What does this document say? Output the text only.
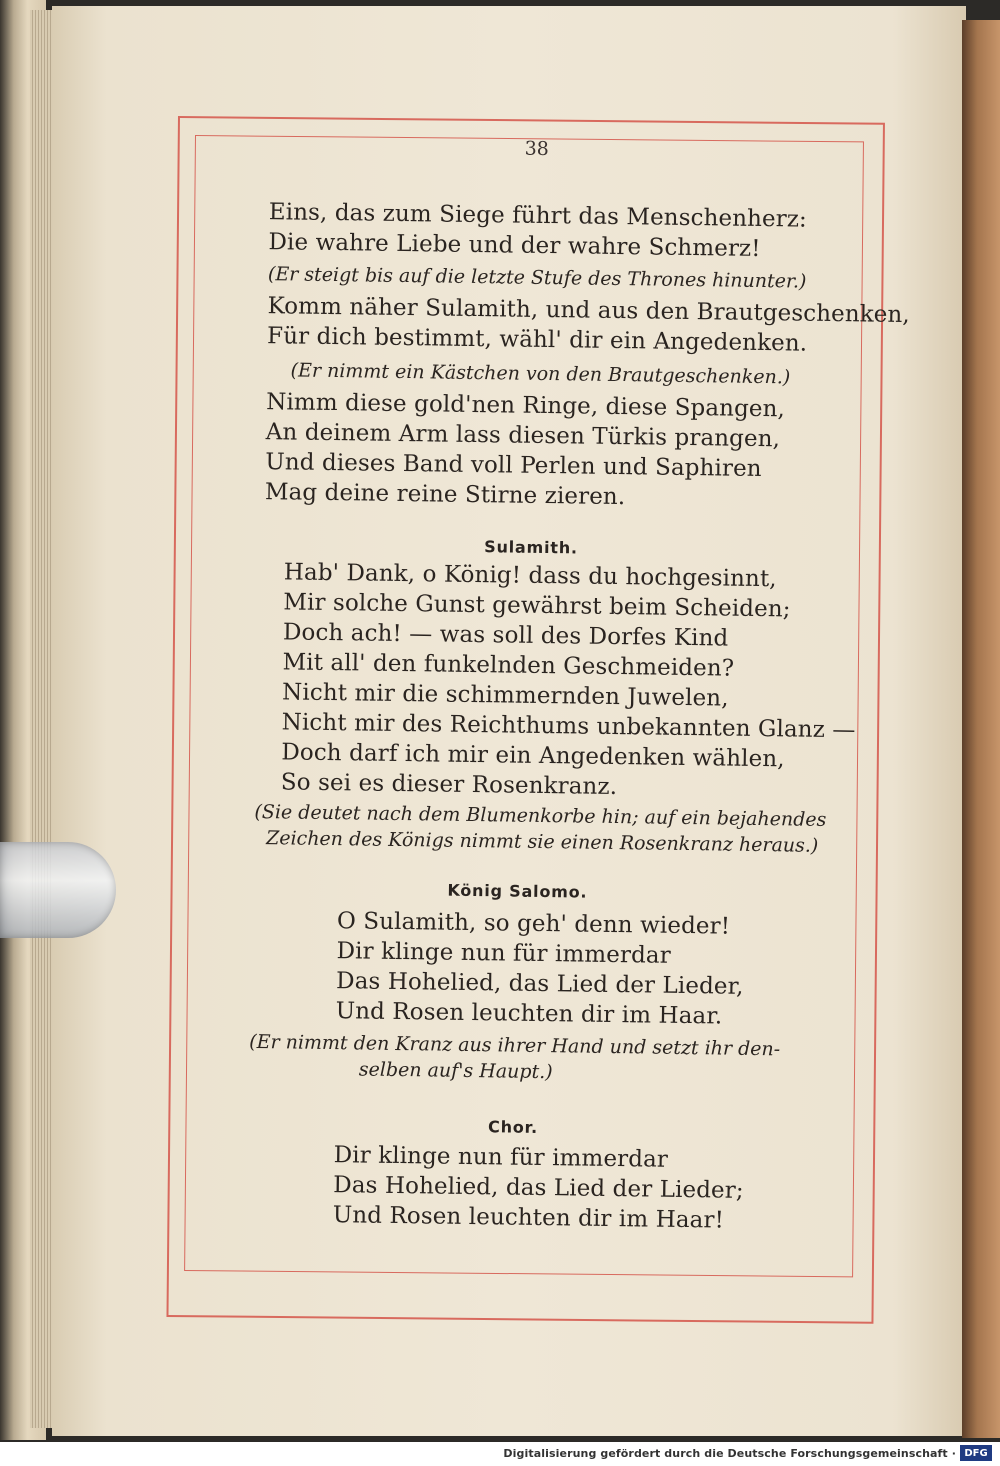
38
Eins, das zum Siege führt das Menschenherz:
Die wahre Liebe und der wahre Schmerz!
(Er steigt bis auf die letzte Stufe des Thrones hinunter.)
Komm näher Sulamith, und aus den Brautgeschenken,
Für dich bestimmt, wähl' dir ein Angedenken.
(Er nimmt ein Kästchen von den Brautgeschenken.)
Nimm diese gold'nen Ringe, diese Spangen,
An deinem Arm lass diesen Türkis prangen,
Und dieses Band voll Perlen und Saphiren
Mag deine reine Stirne zieren.
Sulamith.
Hab' Dank, o König! dass du hochgesinnt,
Mir solche Gunst gewährst beim Scheiden;
Doch ach! — was soll des Dorfes Kind
Mit all' den funkelnden Geschmeiden?
Nicht mir die schimmernden Juwelen,
Nicht mir des Reichthums unbekannten Glanz —
Doch darf ich mir ein Angedenken wählen,
So sei es dieser Rosenkranz.
(Sie deutet nach dem Blumenkorbe hin; auf ein bejahendes
Zeichen des Königs nimmt sie einen Rosenkranz heraus.)
König Salomo.
O Sulamith, so geh' denn wieder!
Dir klinge nun für immerdar
Das Hohelied, das Lied der Lieder,
Und Rosen leuchten dir im Haar.
(Er nimmt den Kranz aus ihrer Hand und setzt ihr den-
selben auf's Haupt.)
Chor.
Dir klinge nun für immerdar
Das Hohelied, das Lied der Lieder;
Und Rosen leuchten dir im Haar!
Digitalisierung gefördert durch die Deutsche Forschungsgemeinschaft · DFG
